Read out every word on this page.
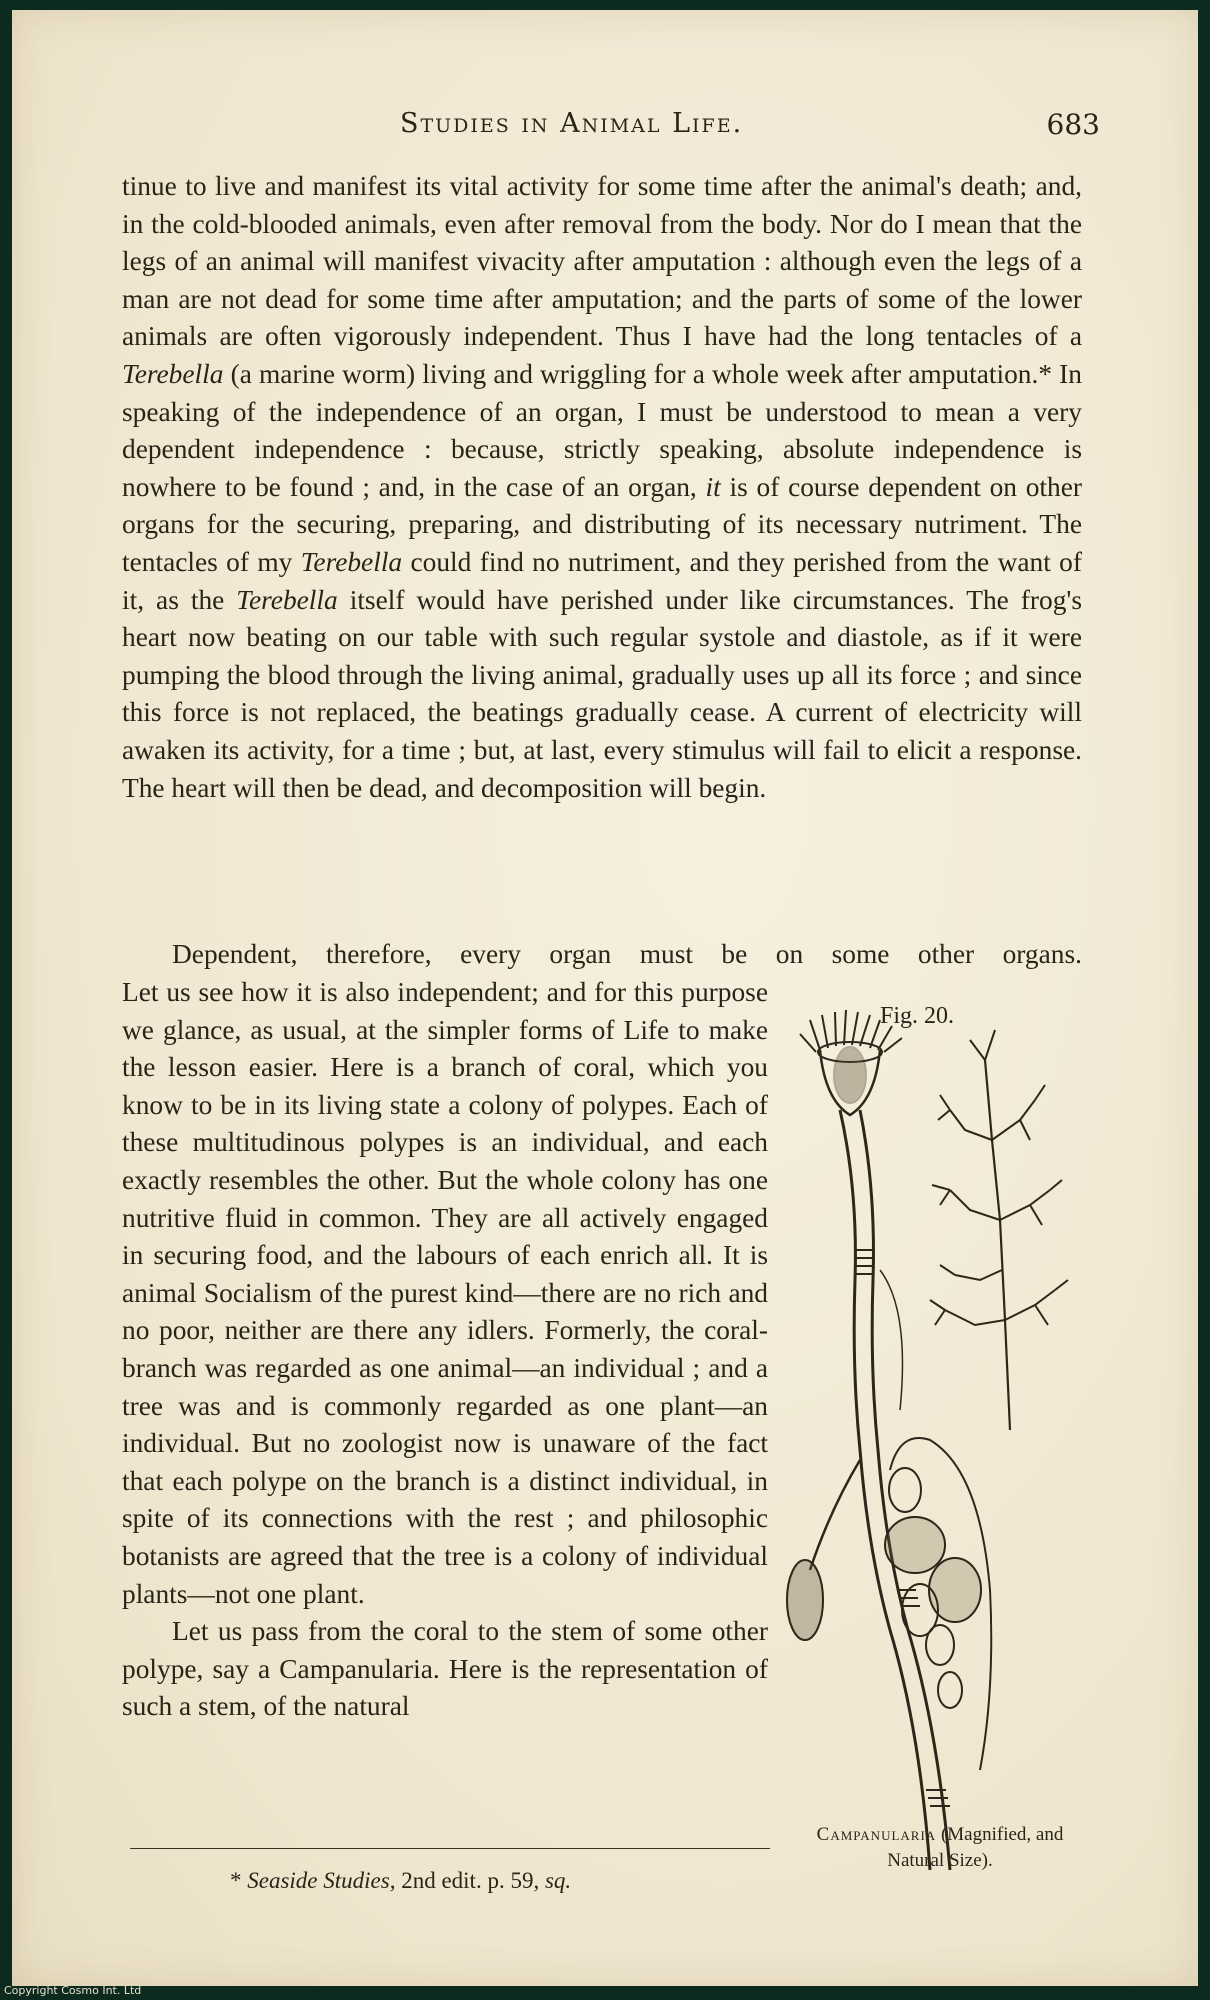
Studies in Animal Life.	683

tinue to live and manifest its vital activity for some time after the animal's death; and, in the cold-blooded animals, even after removal from the body. Nor do I mean that the legs of an animal will manifest vivacity after amputation : although even the legs of a man are not dead for some time after amputation; and the parts of some of the lower animals are often vigorously independent. Thus I have had the long tentacles of a Terebella (a marine worm) living and wriggling for a whole week after amputation.* In speaking of the independence of an organ, I must be understood to mean a very dependent independence : because, strictly speaking, absolute independence is nowhere to be found ; and, in the case of an organ, it is of course dependent on other organs for the securing, preparing, and distributing of its necessary nutriment. The tentacles of my Terebella could find no nutriment, and they perished from the want of it, as the Terebella itself would have perished under like circumstances. The frog's heart now beating on our table with such regular systole and diastole, as if it were pumping the blood through the living animal, gradually uses up all its force ; and since this force is not replaced, the beatings gradually cease. A current of electricity will awaken its activity, for a time ; but, at last, every stimulus will fail to elicit a response. The heart will then be dead, and decomposition will begin.

Dependent, therefore, every organ must be on some other organs.

Let us see how it is also independent; and for this purpose we glance, as usual, at the simpler forms of Life to make the lesson easier. Here is a branch of coral, which you know to be in its living state a colony of polypes. Each of these multitudinous polypes is an individual, and each exactly resembles the other. But the whole colony has one nutritive fluid in common. They are all actively engaged in securing food, and the labours of each enrich all. It is animal Socialism of the purest kind—there are no rich and no poor, neither are there any idlers. Formerly, the coral-branch was regarded as one animal—an individual ; and a tree was and is commonly regarded as one plant—an individual. But no zoologist now is unaware of the fact that each polype on the branch is a distinct individual, in spite of its connections with the rest ; and philosophic botanists are agreed that the tree is a colony of individual plants—not one plant.

Let us pass from the coral to the stem of some other polype, say a Campanularia. Here is the representation of such a stem, of the natural

Fig. 20.
Campanularia (Magnified, and Natural Size).
* Seaside Studies, 2nd edit. p. 59, sq.
Copyright Cosmo Int. Ltd
